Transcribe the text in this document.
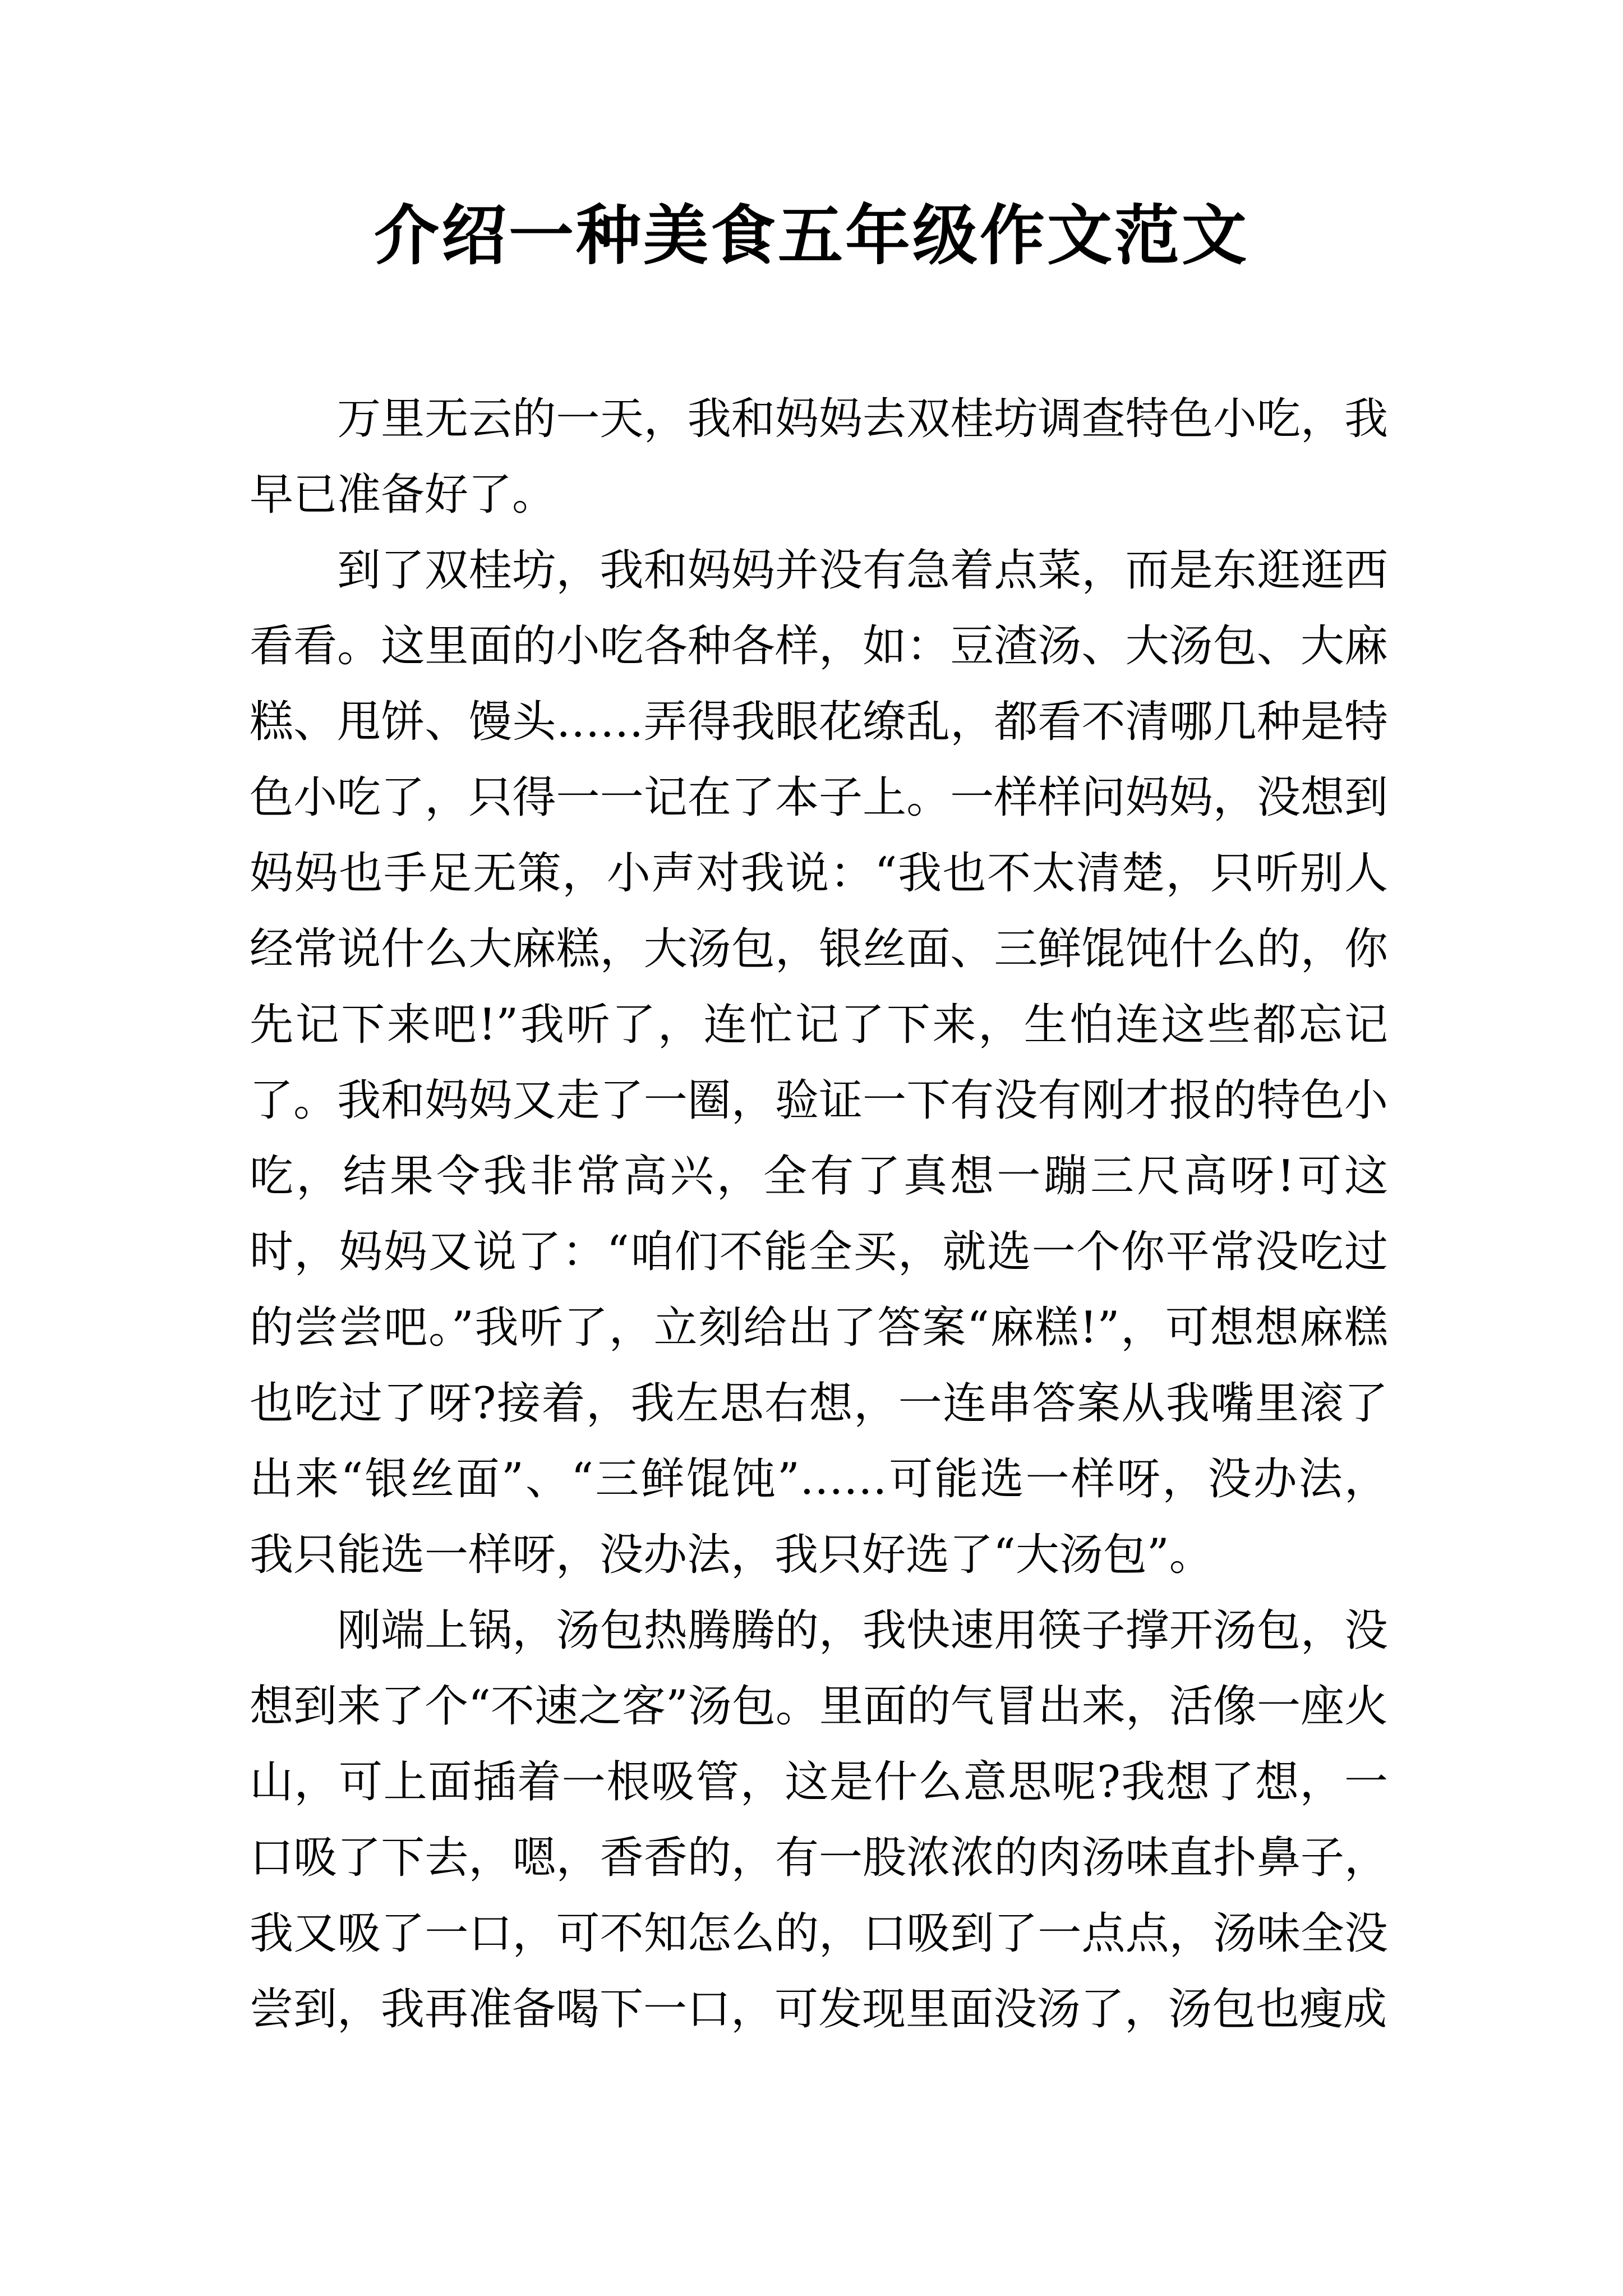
介绍一种美食五年级作文范文

万里无云的一天，我和妈妈去双桂坊调查特色小吃，我早已准备好了。

到了双桂坊，我和妈妈并没有急着点菜，而是东逛逛西看看。这里面的小吃各种各样，如：豆渣汤、大汤包、大麻糕、甩饼、馒头……弄得我眼花缭乱，都看不清哪几种是特色小吃了，只得一一记在了本子上。一样样问妈妈，没想到妈妈也手足无策，小声对我说：“我也不太清楚，只听别人经常说什么大麻糕，大汤包，银丝面、三鲜馄饨什么的，你先记下来吧!”我听了，连忙记了下来，生怕连这些都忘记了。我和妈妈又走了一圈，验证一下有没有刚才报的特色小吃，结果令我非常高兴，全有了真想一蹦三尺高呀!可这时，妈妈又说了：“咱们不能全买，就选一个你平常没吃过的尝尝吧。”我听了，立刻给出了答案“麻糕!”，可想想麻糕也吃过了呀?接着，我左思右想，一连串答案从我嘴里滚了出来“银丝面”、“三鲜馄饨”……可能选一样呀，没办法，我只能选一样呀，没办法，我只好选了“大汤包”。

刚端上锅，汤包热腾腾的，我快速用筷子撑开汤包，没想到来了个“不速之客”汤包。里面的气冒出来，活像一座火山，可上面插着一根吸管，这是什么意思呢?我想了想，一口吸了下去，嗯，香香的，有一股浓浓的肉汤味直扑鼻子，我又吸了一口，可不知怎么的，口吸到了一点点，汤味全没尝到，我再准备喝下一口，可发现里面没汤了，汤包也瘦成
